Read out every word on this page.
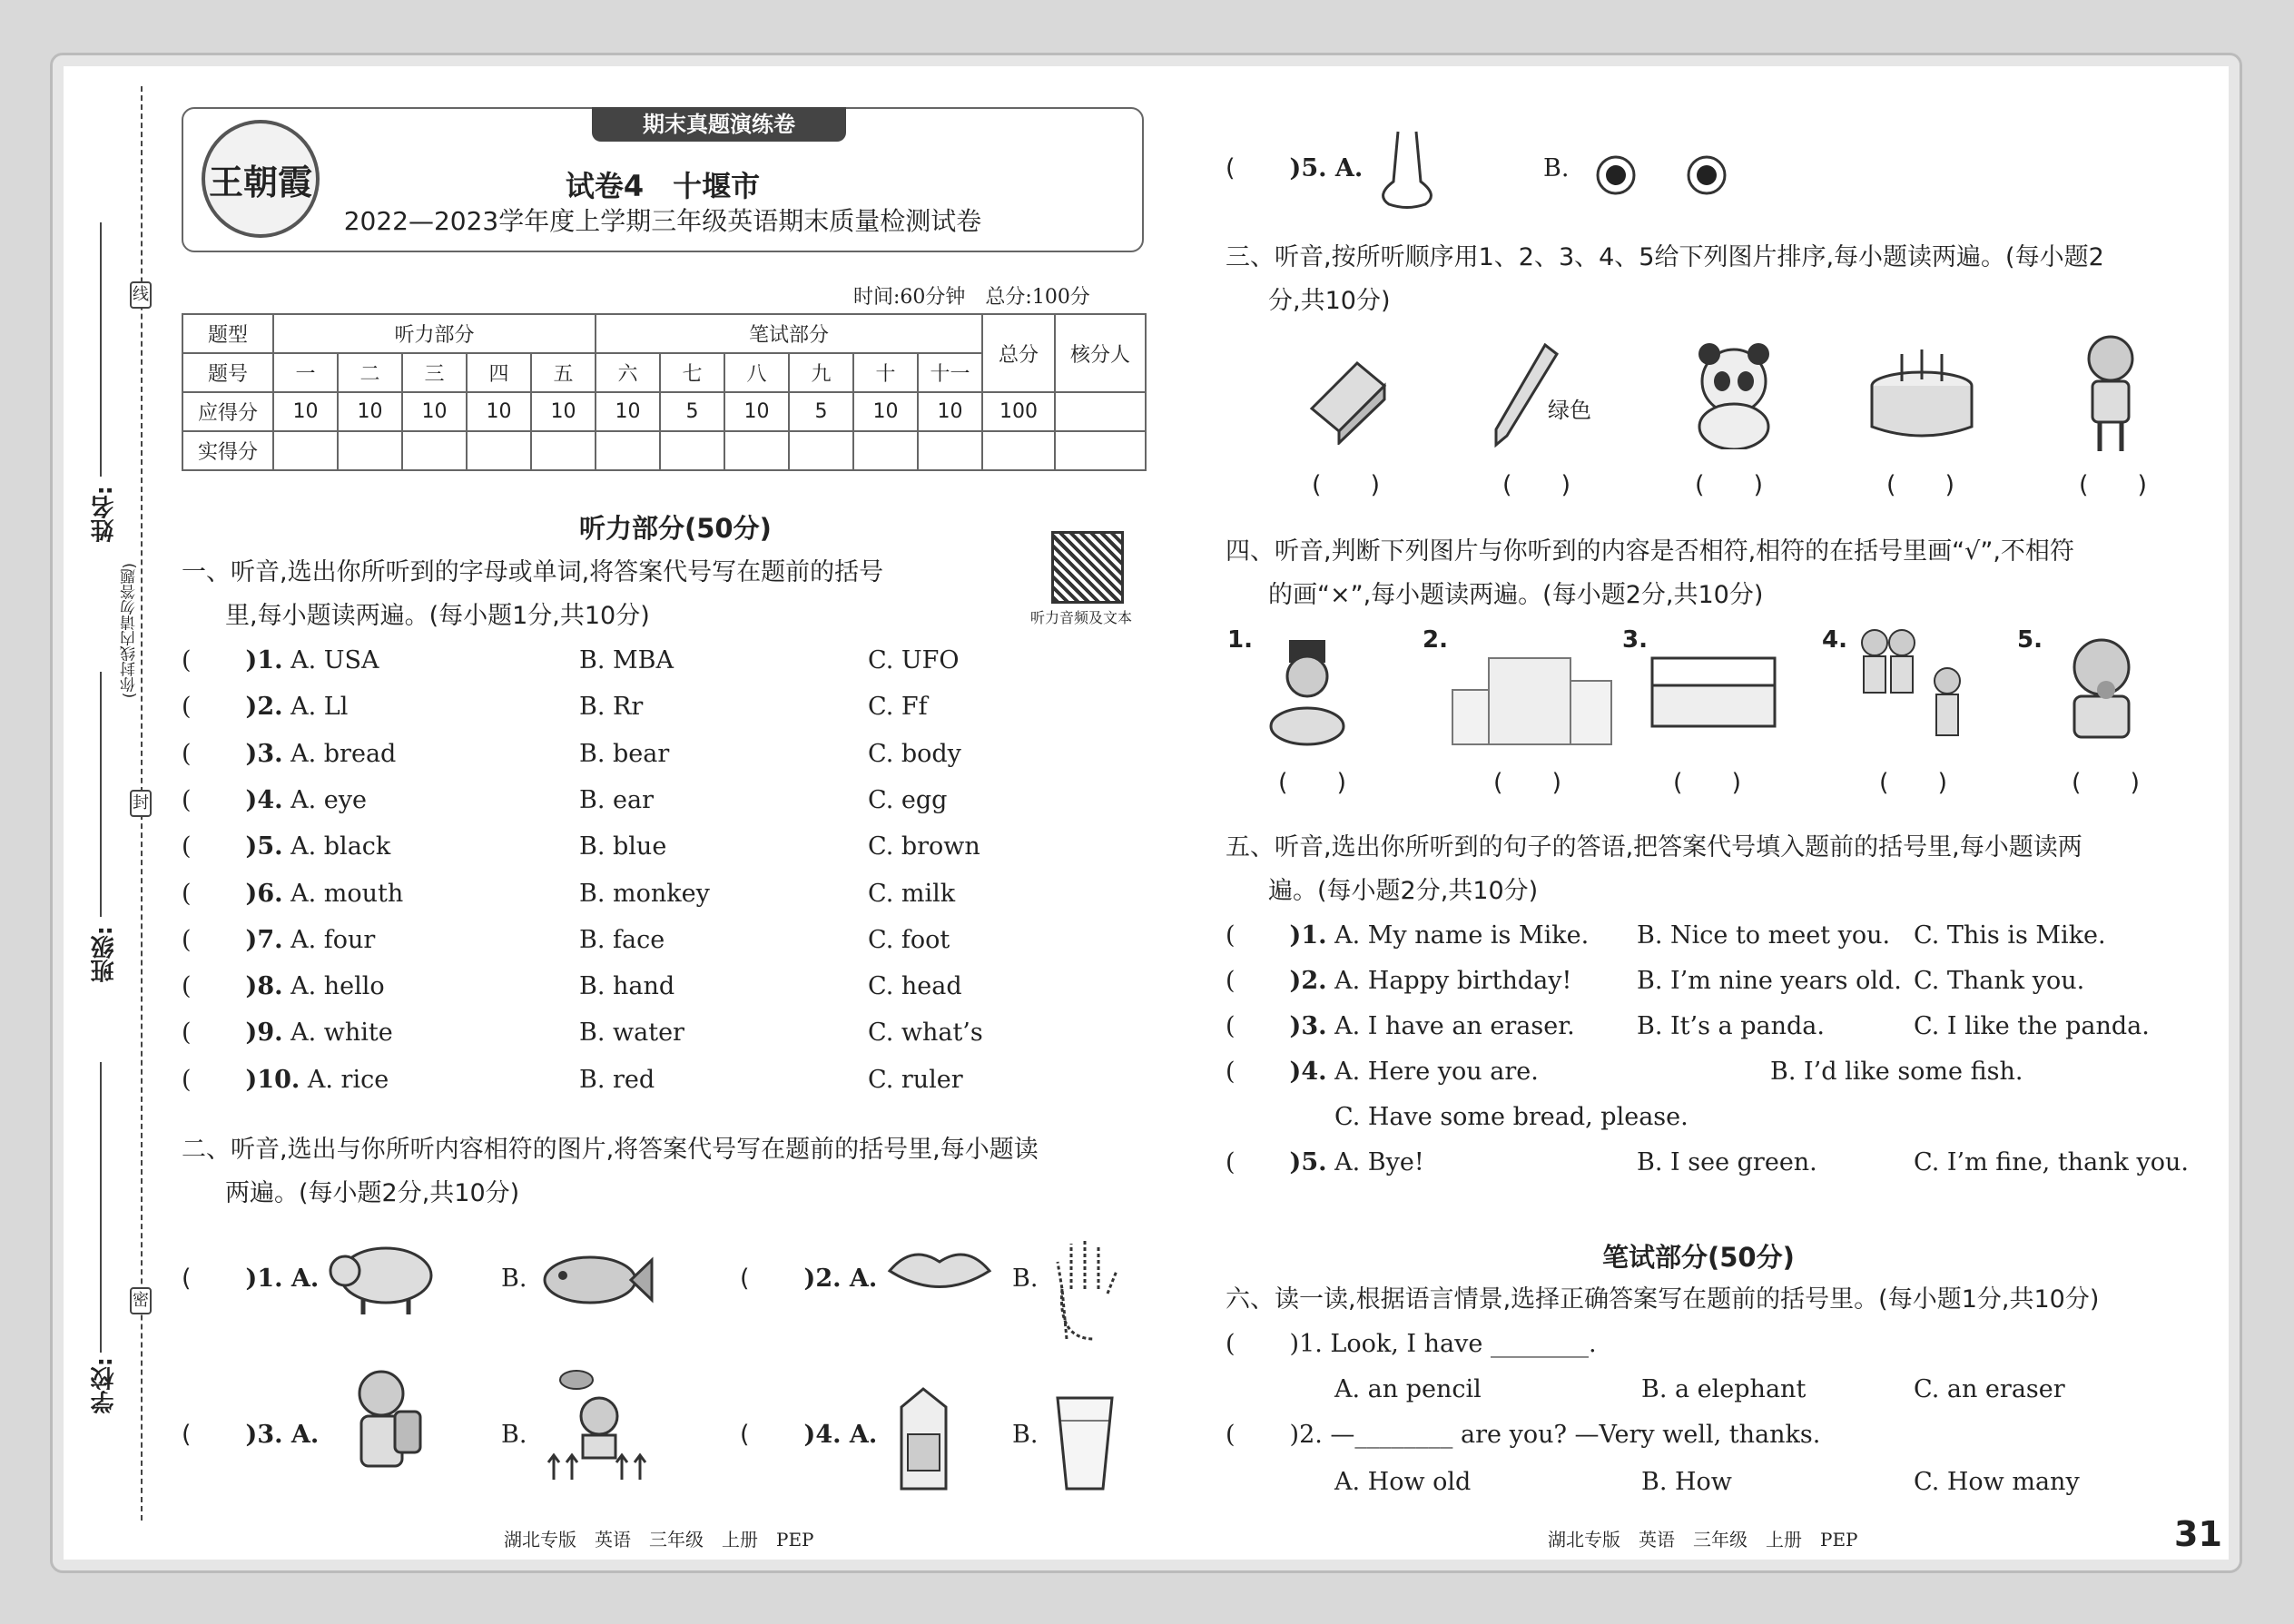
线
封
密
(你封线内请勿答题)
姓名:
班级:
学校:
期末真题演练卷
王朝霞	试卷4　十堰市
2022—2023学年度上学期三年级英语期末质量检测试卷
时间:60分钟　总分:100分
题型	听力部分					笔试部分						总分	核分人
题号	一	二	三	四	五	六	七	八	九	十	十一		
应得分	10	10	10	10	10	10	5	10	5	10	10	100	
实得分													
听力部分(50分)
听力音频及文本
一、听音,选出你所听到的字母或单词,将答案代号写在题前的括号
里,每小题读两遍。(每小题1分,共10分)
( )1. A. USA	B. MBA	C. UFO
( )2. A. Ll	B. Rr	C. Ff
( )3. A. bread	B. bear	C. body
( )4. A. eye	B. ear	C. egg
( )5. A. black	B. blue	C. brown
( )6. A. mouth	B. monkey	C. milk
( )7. A. four	B. face	C. foot
( )8. A. hello	B. hand	C. head
( )9. A. white	B. water	C. what’s
( )10. A. rice	B. red	C. ruler
二、听音,选出与你所听内容相符的图片,将答案代号写在题前的括号里,每小题读
两遍。(每小题2分,共10分)
( )1. A.	B.	( )2. A.	B.
( )3. A.	B.	( )4. A.	B.
( )5. A.	B.
三、听音,按所听顺序用1、2、3、4、5给下列图片排序,每小题读两遍。(每小题2
分,共10分)
绿色
(　　)	(　　)	(　　)	(　　)	(　　)
四、听音,判断下列图片与你听到的内容是否相符,相符的在括号里画“√”,不相符
的画“×”,每小题读两遍。(每小题2分,共10分)
1.	2.	3.	4.	5.
(　　)	(　　)	(　　)	(　　)	(　　)
五、听音,选出你所听到的句子的答语,把答案代号填入题前的括号里,每小题读两
遍。(每小题2分,共10分)
( )1. A. My name is Mike. B. Nice to meet you. C. This is Mike.
( )2. A. Happy birthday!	B. I’m nine years old. C. Thank you.
( )3. A. I have an eraser.	B. It’s a panda.	C. I like the panda.
( )4. A. Here you are.	B. I’d like some fish.
C. Have some bread, please.
( )5. A. Bye!	B. I see green.	C. I’m fine, thank you.
笔试部分(50分)
六、读一读,根据语言情景,选择正确答案写在题前的括号里。(每小题1分,共10分)
( )1. Look, I have ________.
A. an pencil	B. a elephant	C. an eraser
( )2. —________ are you? —Very well, thanks.
A. How old	B. How	C. How many
湖北专版　英语　三年级　上册　PEP	湖北专版　英语　三年级　上册　PEP	31
